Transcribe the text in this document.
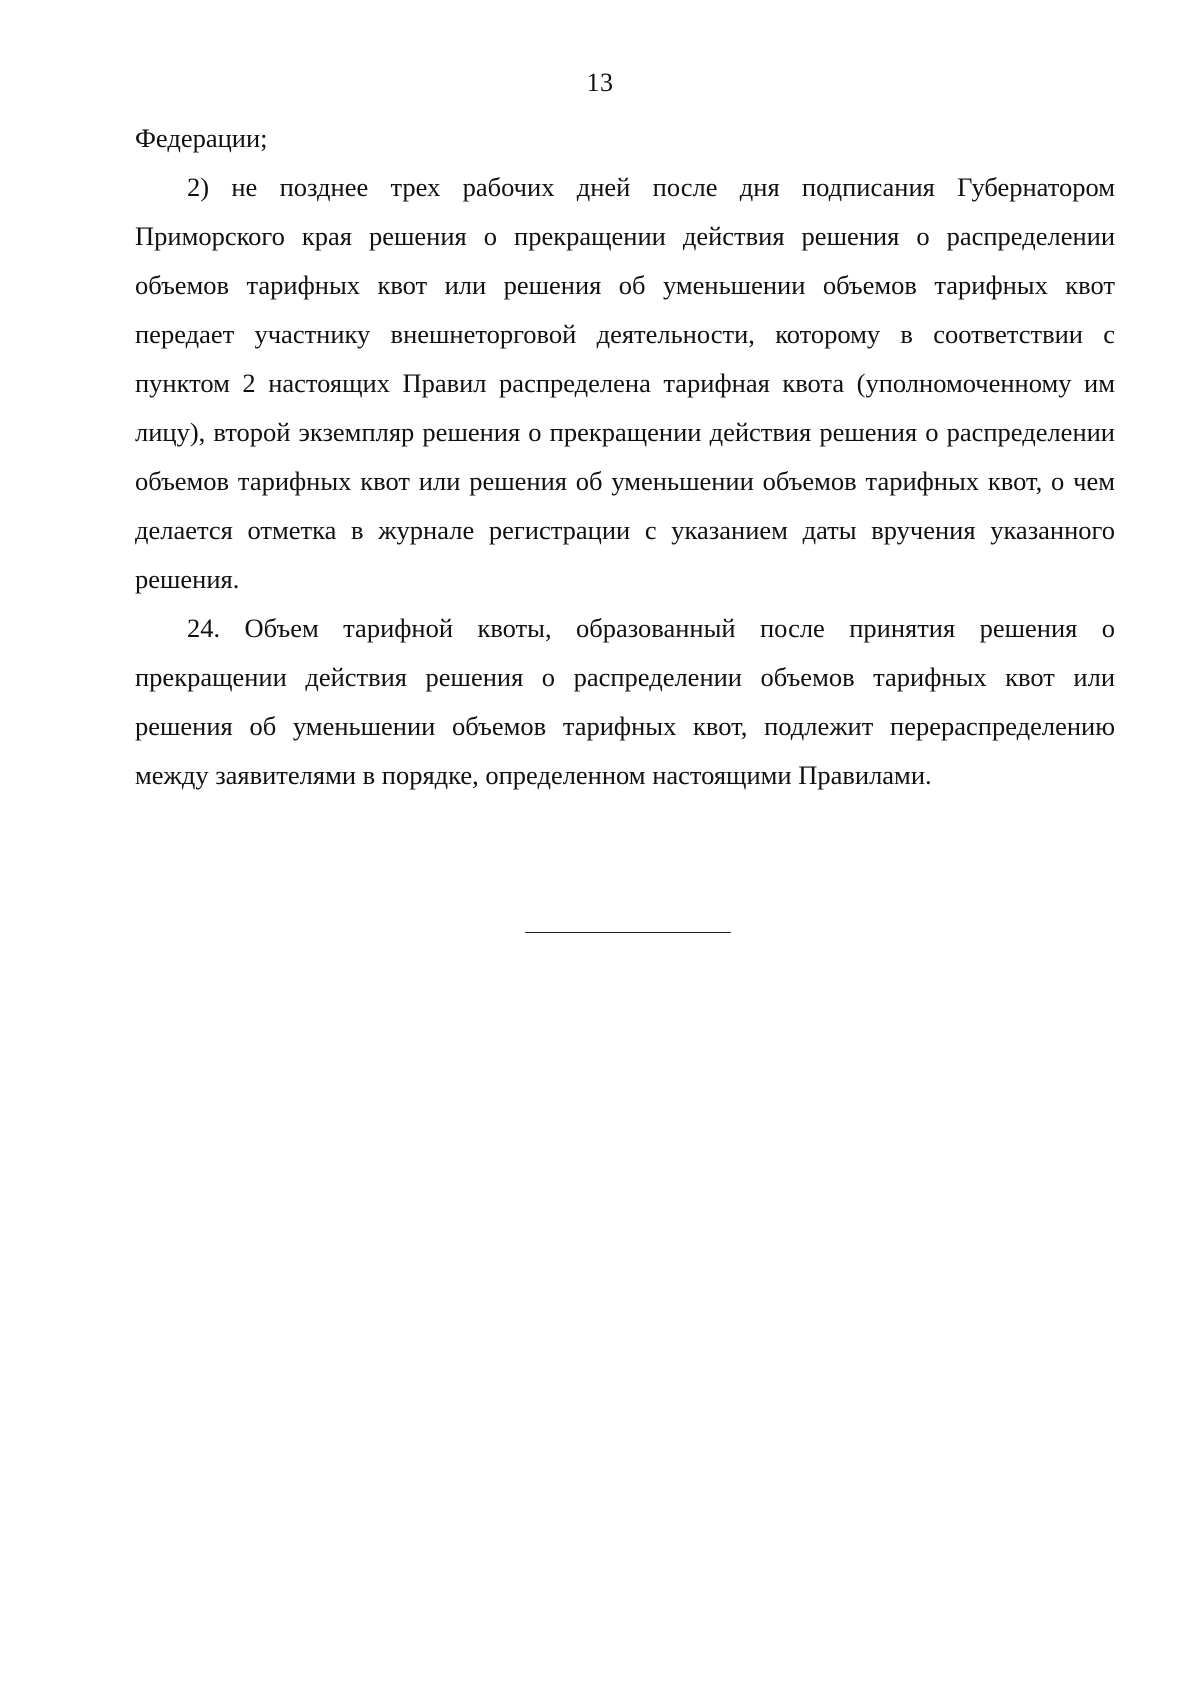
13

Федерации;

2) не позднее трех рабочих дней после дня подписания Губернатором Приморского края решения о прекращении действия решения о распределении объемов тарифных квот или решения об уменьшении объемов тарифных квот передает участнику внешнеторговой деятельности, которому в соответствии с пунктом 2 настоящих Правил распределена тарифная квота (уполномоченному им лицу), второй экземпляр решения о прекращении действия решения о распределении объемов тарифных квот или решения об уменьшении объемов тарифных квот, о чем делается отметка в журнале регистрации с указанием даты вручения указанного решения.

24. Объем тарифной квоты, образованный после принятия решения о прекращении действия решения о распределении объемов тарифных квот или решения об уменьшении объемов тарифных квот, подлежит перераспределению между заявителями в порядке, определенном настоящими Правилами.
